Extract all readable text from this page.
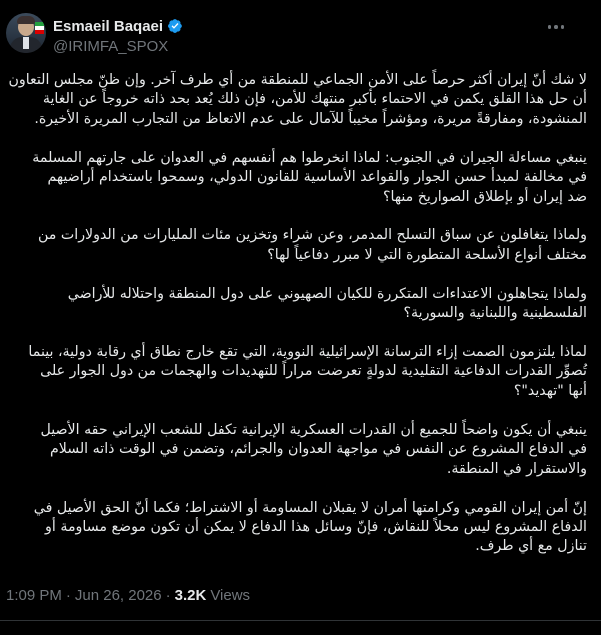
Esmaeil Baqaei
@IRIMFA_SPOX

لا شك أنّ إيران أكثر حرصاً على الأمن الجماعي للمنطقة من أي طرف آخر. وإن ظنّ مجلس التعاون
أن حل هذا القلق يكمن في الاحتماء بأكبر منتهك للأمن، فإن ذلك يُعد بحد ذاته خروجاً عن الغاية
المنشودة، ومفارقةً مريرة، ومؤشراً مخيباً للآمال على عدم الاتعاظ من التجارب المريرة الأخيرة.

ينبغي مساءلة الجيران في الجنوب: لماذا انخرطوا هم أنفسهم في العدوان على جارتهم المسلمة
في مخالفة لمبدأ حسن الجوار والقواعد الأساسية للقانون الدولي، وسمحوا باستخدام أراضيهم
ضد إيران أو بإطلاق الصواريخ منها؟

ولماذا يتغافلون عن سباق التسلح المدمر، وعن شراء وتخزين مئات المليارات من الدولارات من
مختلف أنواع الأسلحة المتطورة التي لا مبرر دفاعياً لها؟

ولماذا يتجاهلون الاعتداءات المتكررة للكيان الصهيوني على دول المنطقة واحتلاله للأراضي
الفلسطينية واللبنانية والسورية؟

لماذا يلتزمون الصمت إزاء الترسانة الإسرائيلية النووية، التي تقع خارج نطاق أي رقابة دولية، بينما
تُصوِّر القدرات الدفاعية التقليدية لدولةٍ تعرضت مراراً للتهديدات والهجمات من دول الجوار على
أنها "تهديد"؟

ينبغي أن يكون واضحاً للجميع أن القدرات العسكرية الإيرانية تكفل للشعب الإيراني حقه الأصيل
في الدفاع المشروع عن النفس في مواجهة العدوان والجرائم، وتضمن في الوقت ذاته السلام
والاستقرار في المنطقة.

إنّ أمن إيران القومي وكرامتها أمران لا يقبلان المساومة أو الاشتراط؛ فكما أنّ الحق الأصيل في
الدفاع المشروع ليس محلاً للنقاش، فإنّ وسائل هذا الدفاع لا يمكن أن تكون موضع مساومة أو
تنازل مع أي طرف.

1:09 PM · Jun 26, 2026 · 3.2K Views
